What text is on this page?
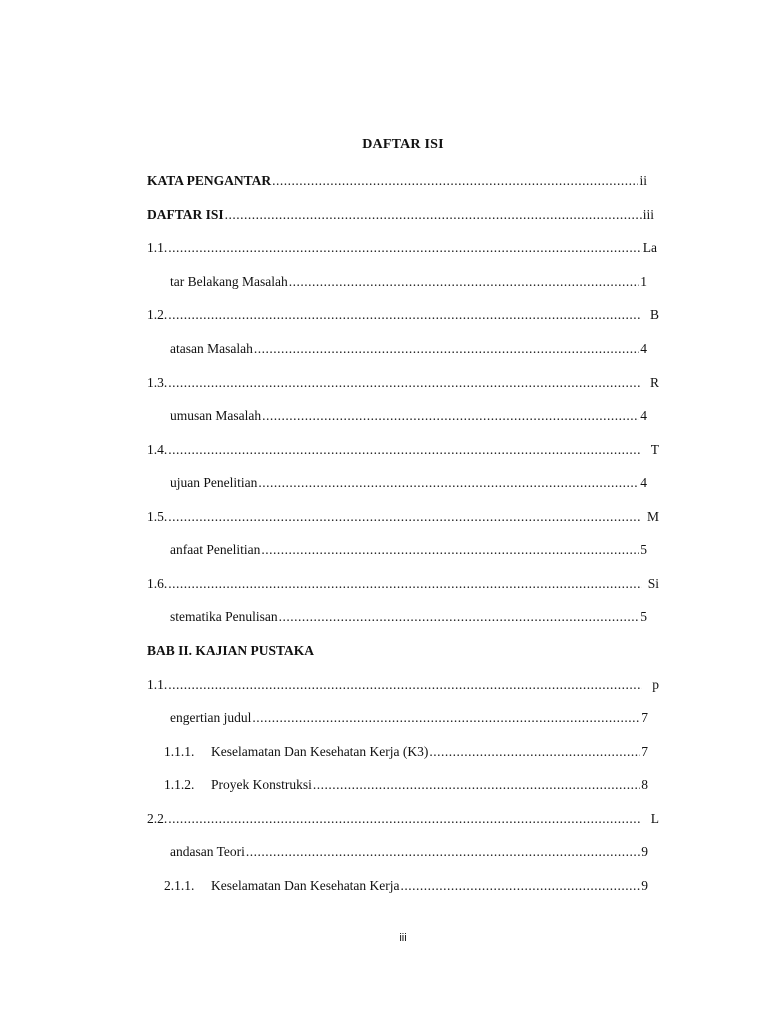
DAFTAR ISI
KATA PENGANTAR .....	ii
DAFTAR ISI .....	iii
1.1. .....	La
tar Belakang Masalah .....	1
1.2. .....	B
atasan Masalah .....	4
1.3. .....	R
umusan Masalah .....	4
1.4. .....	T
ujuan Penelitian .....	4
1.5. .....	M
anfaat Penelitian .....	5
1.6. .....	Si
stematika Penulisan .....	5
BAB II. KAJIAN PUSTAKA
1.1. .....	p
engertian judul .....	7
1.1.1.	Keselamatan Dan Kesehatan Kerja (K3) .....	7
1.1.2.	Proyek Konstruksi .....	8
2.2. .....	L
andasan Teori .....	9
2.1.1.	Keselamatan Dan Kesehatan Kerja .....	9
iii
